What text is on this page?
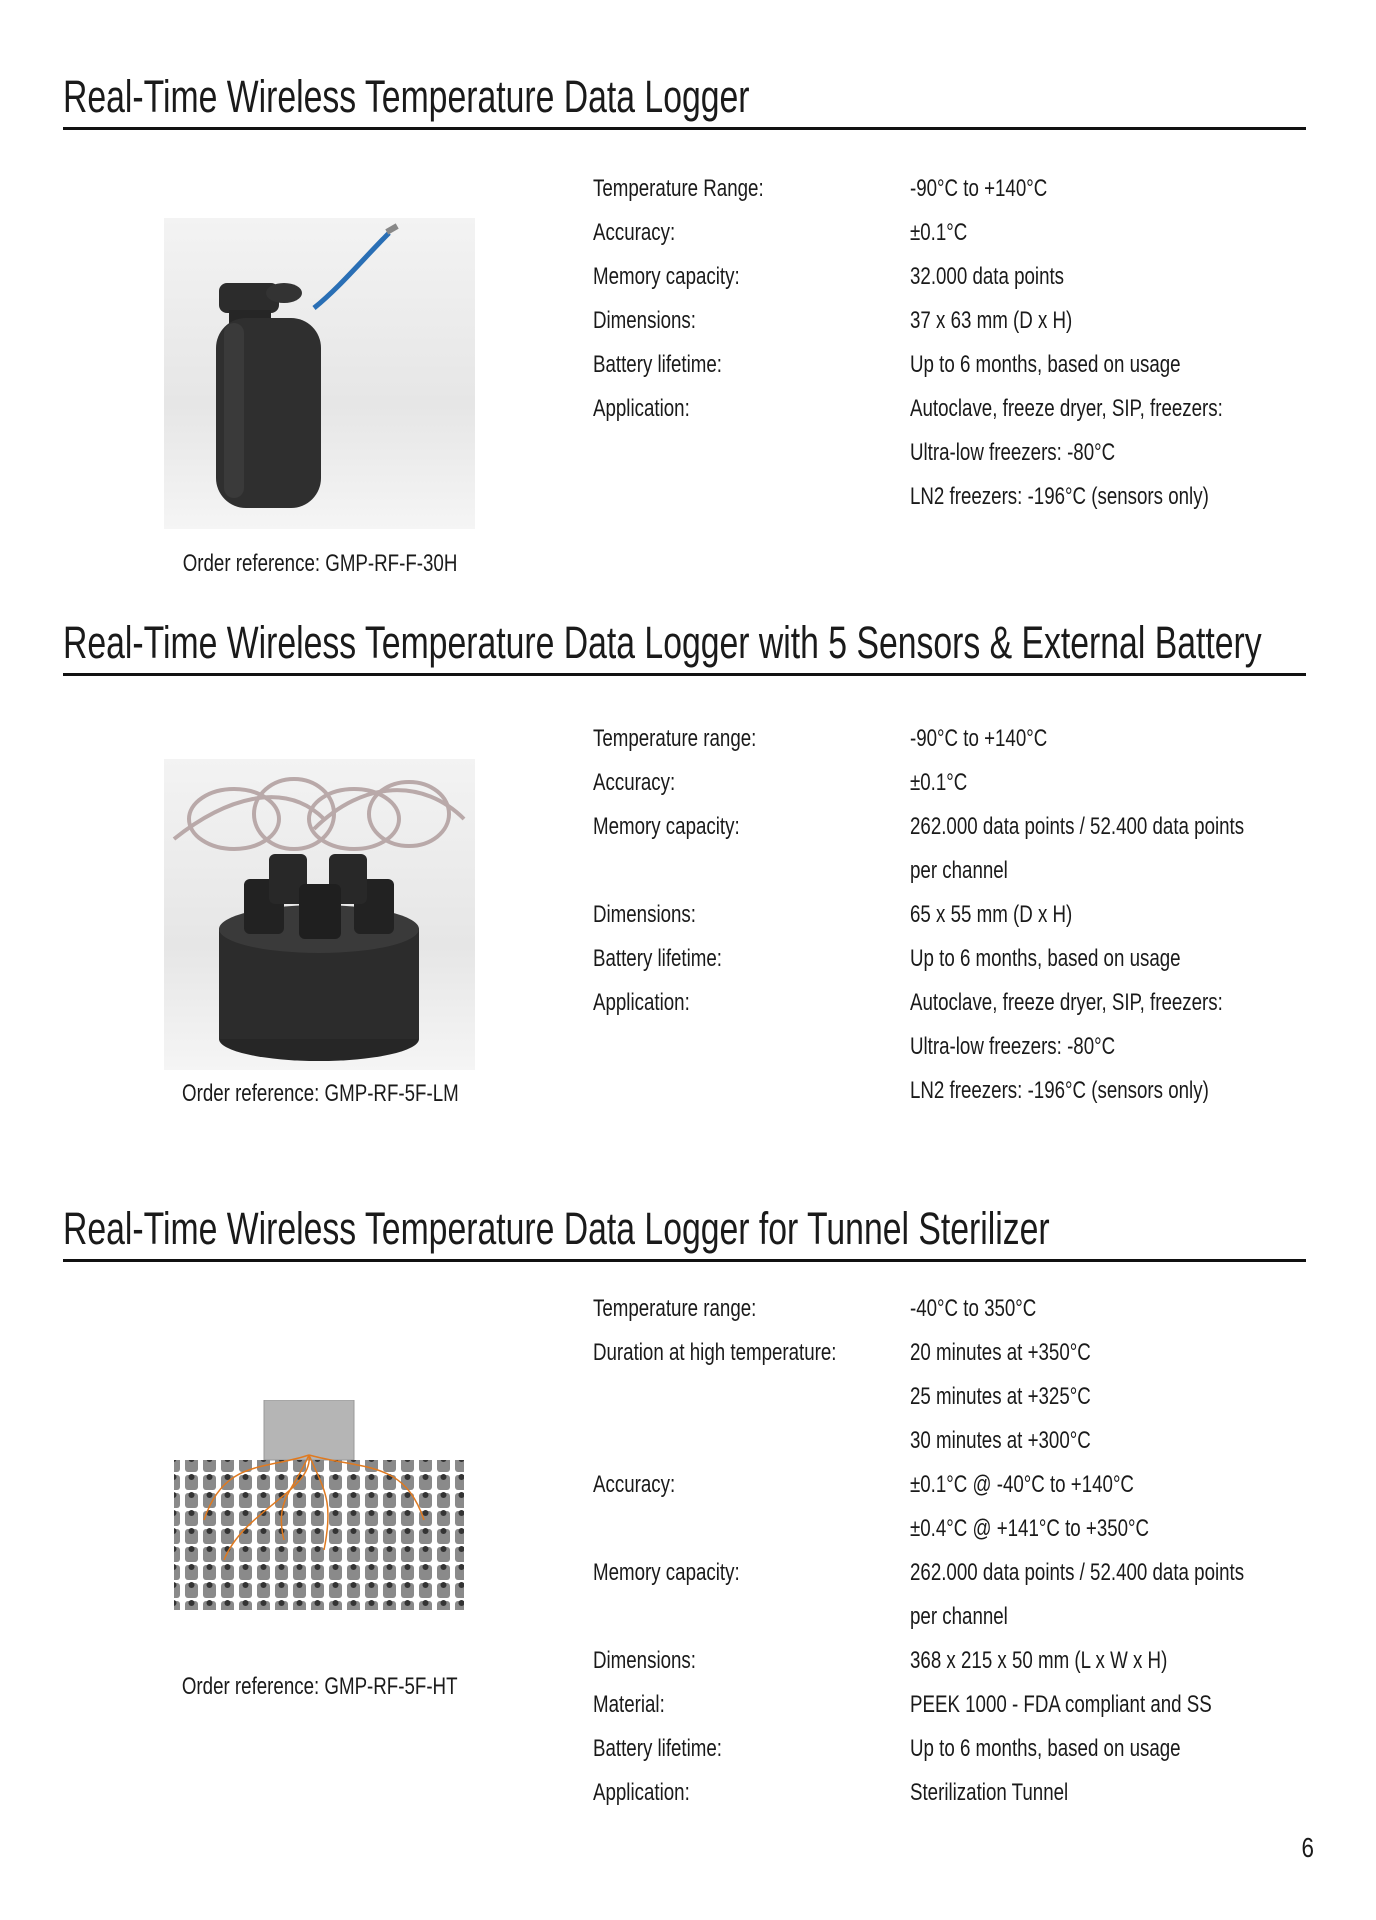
Real-Time Wireless Temperature Data Logger
Order reference: GMP-RF-F-30H
Temperature Range:	-90°C to +140°C
Accuracy:	±0.1°C
Memory capacity:	32.000 data points
Dimensions:	37 x 63 mm (D x H)
Battery lifetime:	Up to 6 months, based on usage
Application:	Autoclave, freeze dryer, SIP, freezers:
Ultra-low freezers: -80°C
LN2 freezers: -196°C (sensors only)
Real-Time Wireless Temperature Data Logger with 5 Sensors & External Battery
Order reference: GMP-RF-5F-LM
Temperature range:	-90°C to +140°C
Accuracy:	±0.1°C
Memory capacity:	262.000 data points / 52.400 data points
per channel
Dimensions:	65 x 55 mm (D x H)
Battery lifetime:	Up to 6 months, based on usage
Application:	Autoclave, freeze dryer, SIP, freezers:
Ultra-low freezers: -80°C
LN2 freezers: -196°C (sensors only)
Real-Time Wireless Temperature Data Logger for Tunnel Sterilizer
Order reference: GMP-RF-5F-HT
Temperature range:	-40°C to 350°C
Duration at high temperature:	20 minutes at +350°C
25 minutes at +325°C
30 minutes at +300°C
Accuracy:	±0.1°C @ -40°C to +140°C
±0.4°C @ +141°C to +350°C
Memory capacity:	262.000 data points / 52.400 data points
per channel
Dimensions:	368 x 215 x 50 mm (L x W x H)
Material:	PEEK 1000 - FDA compliant and SS
Battery lifetime:	Up to 6 months, based on usage
Application:	Sterilization Tunnel
6
